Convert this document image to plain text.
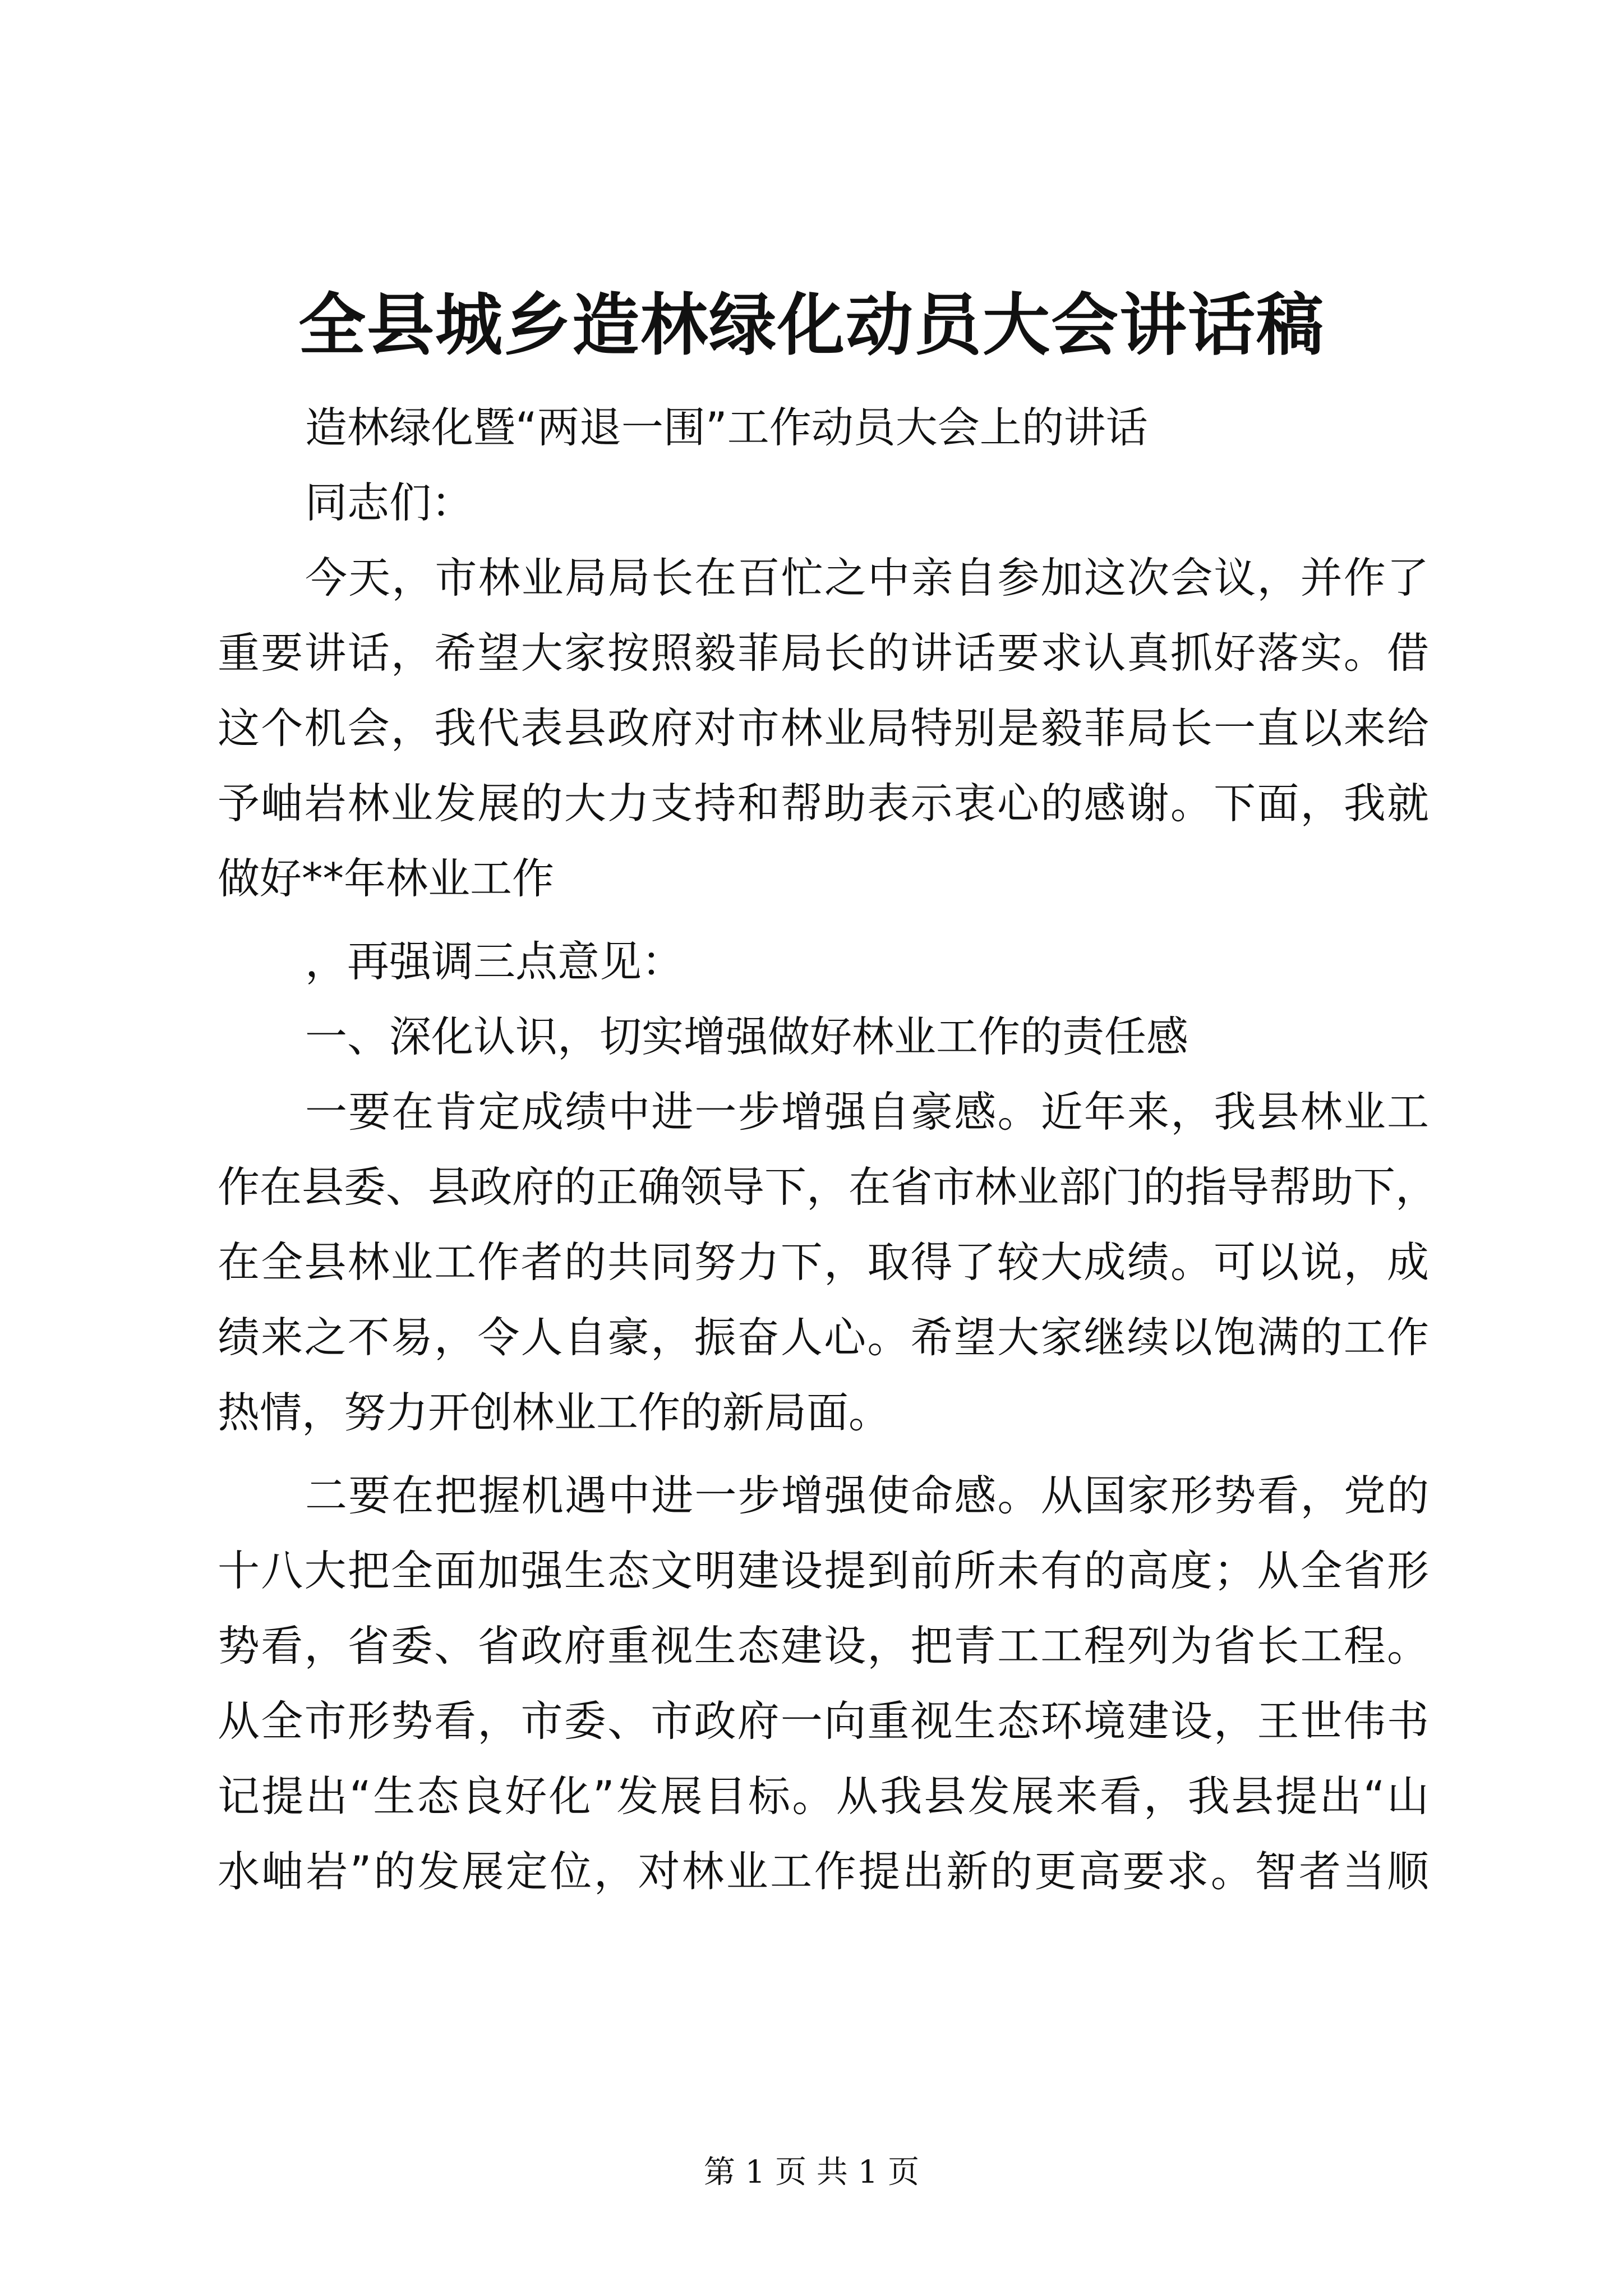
全县城乡造林绿化动员大会讲话稿

造林绿化暨“两退一围”工作动员大会上的讲话

同志们：

今天，市林业局局长在百忙之中亲自参加这次会议，并作了

重要讲话，希望大家按照毅菲局长的讲话要求认真抓好落实。借

这个机会，我代表县政府对市林业局特别是毅菲局长一直以来给

予岫岩林业发展的大力支持和帮助表示衷心的感谢。下面，我就

做好**年林业工作

，再强调三点意见：

一、深化认识，切实增强做好林业工作的责任感

一要在肯定成绩中进一步增强自豪感。近年来，我县林业工

作在县委、县政府的正确领导下，在省市林业部门的指导帮助下，

在全县林业工作者的共同努力下，取得了较大成绩。可以说，成

绩来之不易，令人自豪，振奋人心。希望大家继续以饱满的工作

热情，努力开创林业工作的新局面。

二要在把握机遇中进一步增强使命感。从国家形势看，党的

十八大把全面加强生态文明建设提到前所未有的高度；从全省形

势看，省委、省政府重视生态建设，把青工工程列为省长工程。

从全市形势看，市委、市政府一向重视生态环境建设，王世伟书

记提出“生态良好化”发展目标。从我县发展来看，我县提出“山

水岫岩”的发展定位，对林业工作提出新的更高要求。智者当顺

第 1 页 共 1 页
